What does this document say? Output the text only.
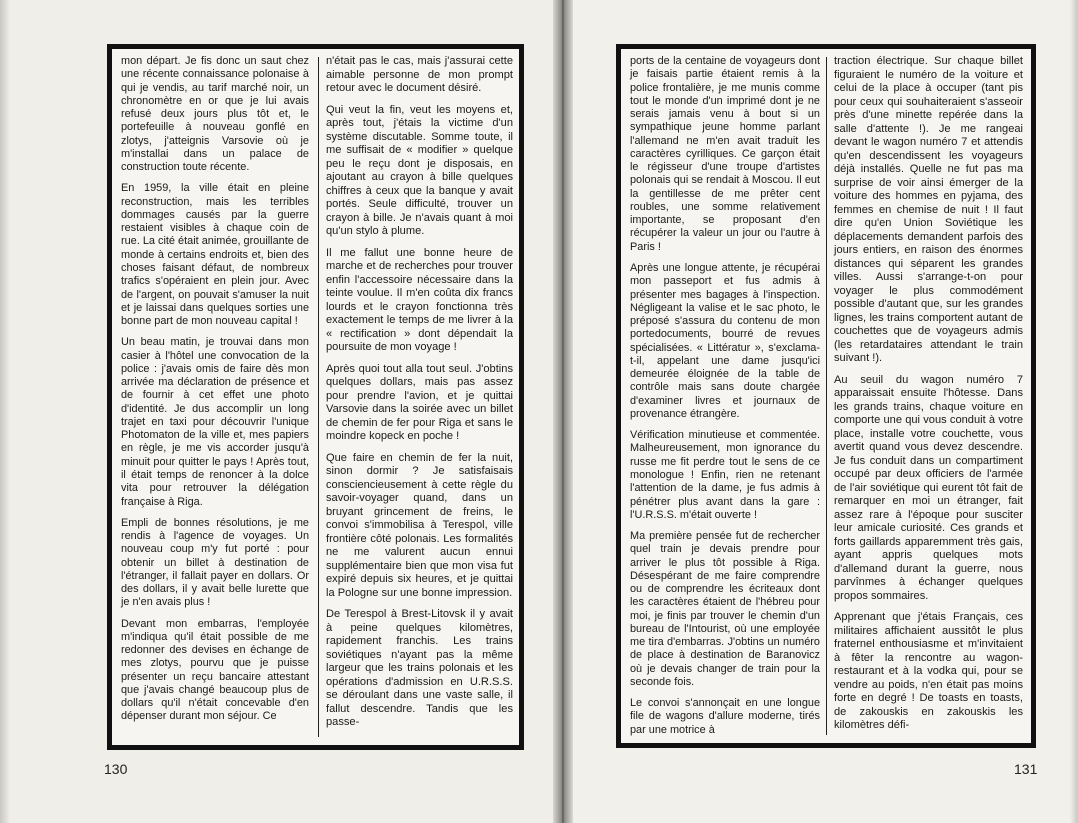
mon départ. Je fis donc un saut chez une récente connaissance polonaise à qui je vendis, au tarif marché noir, un chronomètre en or que je lui avais refusé deux jours plus tôt et, le portefeuille à nouveau gonflé en zlotys, j'atteignis Varsovie où je m'installai dans un palace de construction toute récente.

En 1959, la ville était en pleine reconstruction, mais les terribles dommages causés par la guerre restaient visibles à chaque coin de rue. La cité était animée, grouillante de monde à certains endroits et, bien des choses faisant défaut, de nombreux trafics s'opéraient en plein jour. Avec de l'argent, on pouvait s'amuser la nuit et je laissai dans quelques sorties une bonne part de mon nouveau capital !

Un beau matin, je trouvai dans mon casier à l'hôtel une convocation de la police : j'avais omis de faire dès mon arrivée ma déclaration de présence et de fournir à cet effet une photo d'identité. Je dus accomplir un long trajet en taxi pour découvrir l'unique Photomaton de la ville et, mes papiers en règle, je me vis accorder jusqu'à minuit pour quitter le pays ! Après tout, il était temps de renoncer à la dolce vita pour retrouver la délégation française à Riga.

Empli de bonnes résolutions, je me rendis à l'agence de voyages. Un nouveau coup m'y fut porté : pour obtenir un billet à destination de l'étranger, il fallait payer en dollars. Or des dollars, il y avait belle lurette que je n'en avais plus !

Devant mon embarras, l'employée m'indiqua qu'il était possible de me redonner des devises en échange de mes zlotys, pourvu que je puisse présenter un reçu bancaire attestant que j'avais changé beaucoup plus de dollars qu'il n'était concevable d'en dépenser durant mon séjour. Ce

n'était pas le cas, mais j'assurai cette aimable personne de mon prompt retour avec le document désiré.

Qui veut la fin, veut les moyens et, après tout, j'étais la victime d'un système discutable. Somme toute, il me suffisait de « modifier » quelque peu le reçu dont je disposais, en ajoutant au crayon à bille quelques chiffres à ceux que la banque y avait portés. Seule difficulté, trouver un crayon à bille. Je n'avais quant à moi qu'un stylo à plume.

Il me fallut une bonne heure de marche et de recherches pour trouver enfin l'accessoire nécessaire dans la teinte voulue. Il m'en coûta dix francs lourds et le crayon fonctionna très exactement le temps de me livrer à la « rectification » dont dépendait la poursuite de mon voyage !

Après quoi tout alla tout seul. J'obtins quelques dollars, mais pas assez pour prendre l'avion, et je quittai Varsovie dans la soirée avec un billet de chemin de fer pour Riga et sans le moindre kopeck en poche !

Que faire en chemin de fer la nuit, sinon dormir ? Je satisfaisais consciencieusement à cette règle du savoir-voyager quand, dans un bruyant grincement de freins, le convoi s'immobilisa à Terespol, ville frontière côté polonais. Les formalités ne me valurent aucun ennui supplémentaire bien que mon visa fut expiré depuis six heures, et je quittai la Pologne sur une bonne impression.

De Terespol à Brest-Litovsk il y avait à peine quelques kilomètres, rapidement franchis. Les trains soviétiques n'ayant pas la même largeur que les trains polonais et les opérations d'admission en U.R.S.S. se déroulant dans une vaste salle, il fallut descendre. Tandis que les passe-

130

ports de la centaine de voyageurs dont je faisais partie étaient remis à la police frontalière, je me munis comme tout le monde d'un imprimé dont je ne serais jamais venu à bout si un sympathique jeune homme parlant l'allemand ne m'en avait traduit les caractères cyrilliques. Ce garçon était le régisseur d'une troupe d'artistes polonais qui se rendait à Moscou. Il eut la gentillesse de me prêter cent roubles, une somme relativement importante, se proposant d'en récupérer la valeur un jour ou l'autre à Paris !

Après une longue attente, je récupérai mon passeport et fus admis à présenter mes bagages à l'inspection. Négligeant la valise et le sac photo, le préposé s'assura du contenu de mon portedocuments, bourré de revues spécialisées. « Littératur », s'exclama-t-il, appelant une dame jusqu'ici demeurée éloignée de la table de contrôle mais sans doute chargée d'examiner livres et journaux de provenance étrangère.

Vérification minutieuse et commentée. Malheureusement, mon ignorance du russe me fit perdre tout le sens de ce monologue ! Enfin, rien ne retenant l'attention de la dame, je fus admis à pénétrer plus avant dans la gare : l'U.R.S.S. m'était ouverte !

Ma première pensée fut de rechercher quel train je devais prendre pour arriver le plus tôt possible à Riga. Désespérant de me faire comprendre ou de comprendre les écriteaux dont les caractères étaient de l'hébreu pour moi, je finis par trouver le chemin d'un bureau de l'Intourist, où une employée me tira d'embarras. J'obtins un numéro de place à destination de Baranovicz où je devais changer de train pour la seconde fois.

Le convoi s'annonçait en une longue file de wagons d'allure moderne, tirés par une motrice à

traction électrique. Sur chaque billet figuraient le numéro de la voiture et celui de la place à occuper (tant pis pour ceux qui souhaiteraient s'asseoir près d'une minette repérée dans la salle d'attente !). Je me rangeai devant le wagon numéro 7 et attendis qu'en descendissent les voyageurs déjà installés. Quelle ne fut pas ma surprise de voir ainsi émerger de la voiture des hommes en pyjama, des femmes en chemise de nuit ! Il faut dire qu'en Union Soviétique les déplacements demandent parfois des jours entiers, en raison des énormes distances qui séparent les grandes villes. Aussi s'arrange-t-on pour voyager le plus commodément possible d'autant que, sur les grandes lignes, les trains comportent autant de couchettes que de voyageurs admis (les retardataires attendant le train suivant !).

Au seuil du wagon numéro 7 apparaissait ensuite l'hôtesse. Dans les grands trains, chaque voiture en comporte une qui vous conduit à votre place, installe votre couchette, vous avertit quand vous devez descendre. Je fus conduit dans un compartiment occupé par deux officiers de l'armée de l'air soviétique qui eurent tôt fait de remarquer en moi un étranger, fait assez rare à l'époque pour susciter leur amicale curiosité. Ces grands et forts gaillards apparemment très gais, ayant appris quelques mots d'allemand durant la guerre, nous parvînmes à échanger quelques propos sommaires.

Apprenant que j'étais Français, ces militaires affichaient aussitôt le plus fraternel enthousiasme et m'invitaient à fêter la rencontre au wagon-restaurant et à la vodka qui, pour se vendre au poids, n'en était pas moins forte en degré ! De toasts en toasts, de zakouskis en zakouskis les kilomètres défi-

131
